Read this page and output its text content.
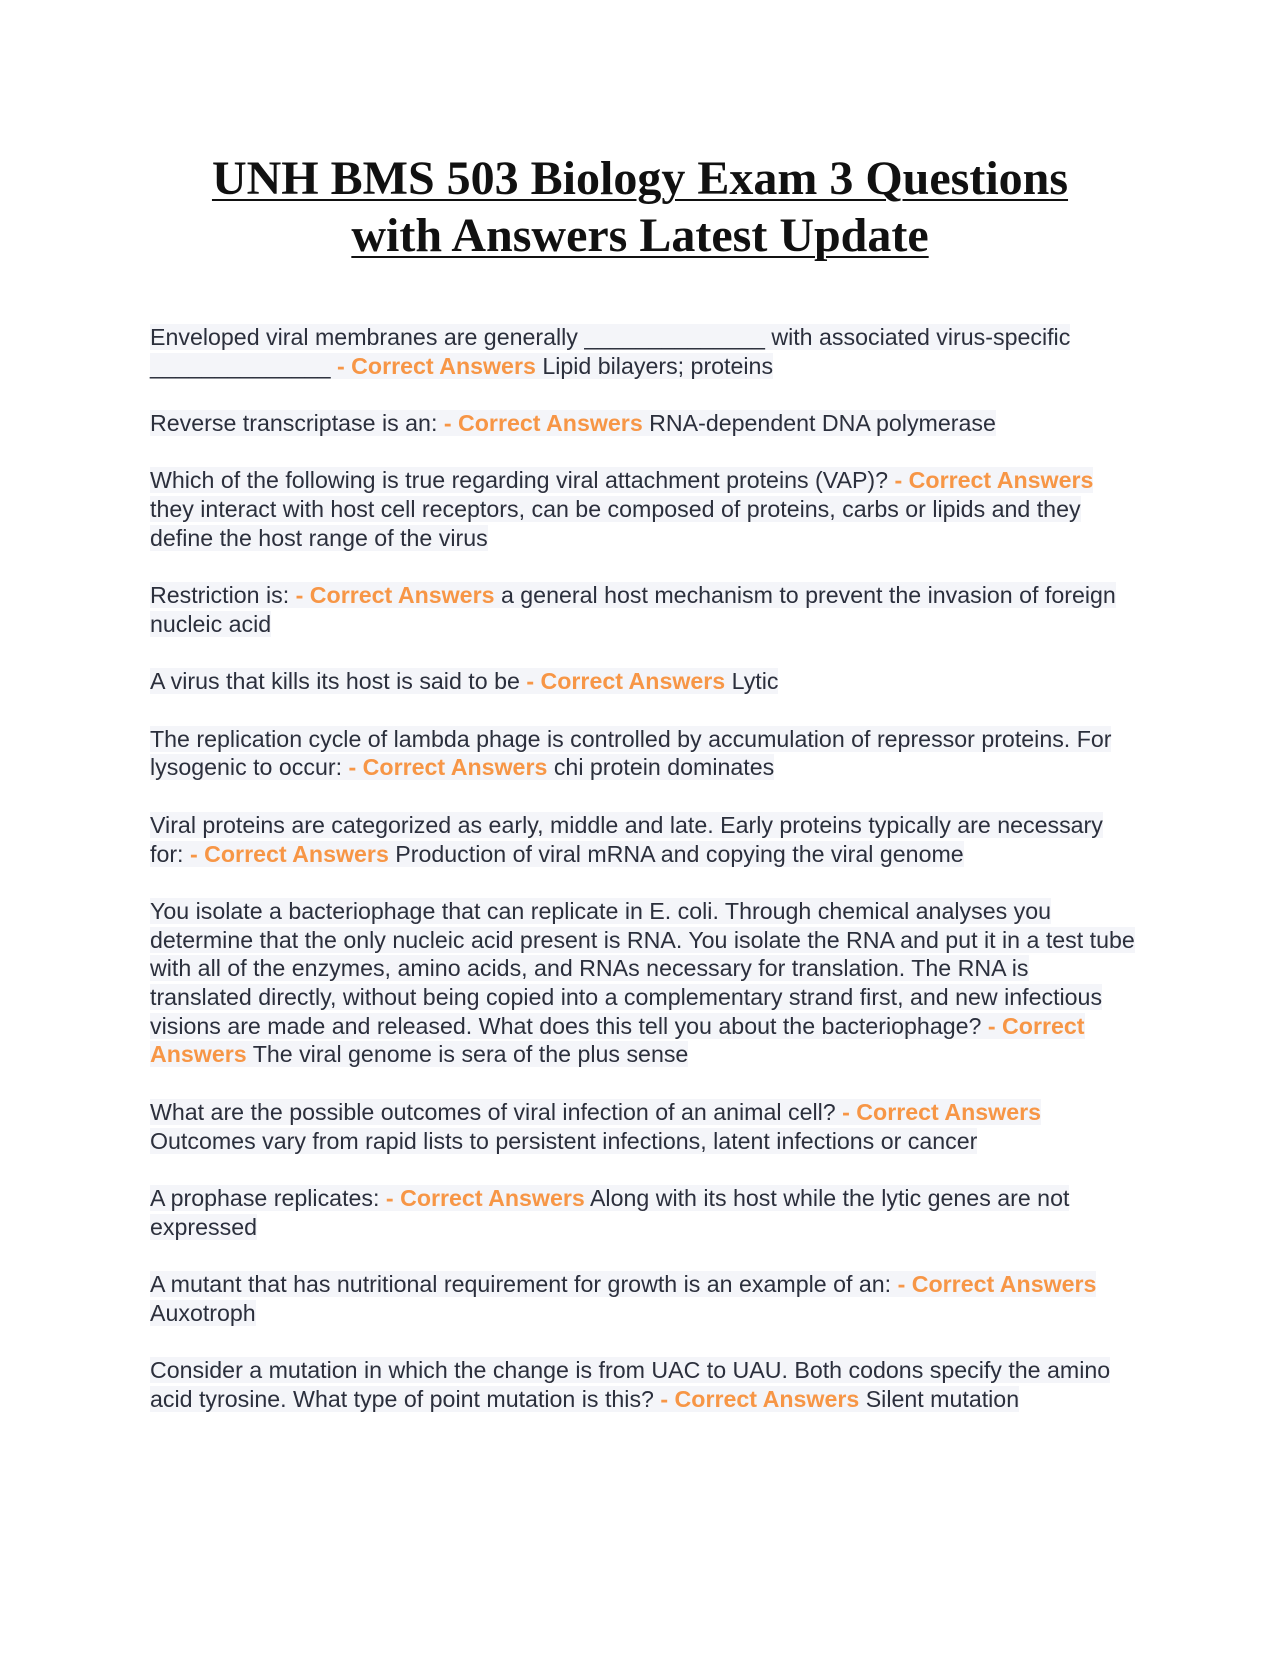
UNH BMS 503 Biology Exam 3 Questions
with Answers Latest Update

Enveloped viral membranes are generally ______________ with associated virus-specific ______________ - Correct Answers Lipid bilayers; proteins

Reverse transcriptase is an: - Correct Answers RNA-dependent DNA polymerase

Which of the following is true regarding viral attachment proteins (VAP)? - Correct Answers they interact with host cell receptors, can be composed of proteins, carbs or lipids and they define the host range of the virus

Restriction is: - Correct Answers a general host mechanism to prevent the invasion of foreign nucleic acid

A virus that kills its host is said to be - Correct Answers Lytic

The replication cycle of lambda phage is controlled by accumulation of repressor proteins. For lysogenic to occur: - Correct Answers chi protein dominates

Viral proteins are categorized as early, middle and late. Early proteins typically are necessary for: - Correct Answers Production of viral mRNA and copying the viral genome

You isolate a bacteriophage that can replicate in E. coli. Through chemical analyses you determine that the only nucleic acid present is RNA. You isolate the RNA and put it in a test tube with all of the enzymes, amino acids, and RNAs necessary for translation. The RNA is translated directly, without being copied into a complementary strand first, and new infectious visions are made and released. What does this tell you about the bacteriophage? - Correct Answers The viral genome is sera of the plus sense

What are the possible outcomes of viral infection of an animal cell? - Correct Answers Outcomes vary from rapid lists to persistent infections, latent infections or cancer

A prophase replicates: - Correct Answers Along with its host while the lytic genes are not expressed

A mutant that has nutritional requirement for growth is an example of an: - Correct Answers Auxotroph

Consider a mutation in which the change is from UAC to UAU. Both codons specify the amino acid tyrosine. What type of point mutation is this? - Correct Answers Silent mutation
